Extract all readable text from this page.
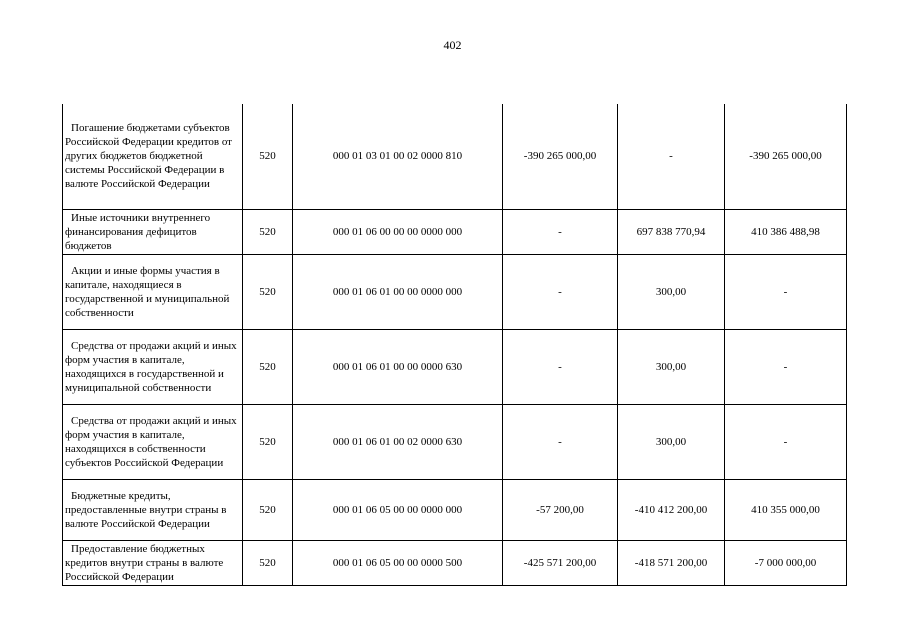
402
Погашение бюджетами субъектов Российской Федерации кредитов от других бюджетов бюджетной системы Российской Федерации в валюте Российской Федерации	520	000 01 03 01 00 02 0000 810	-390 265 000,00	-	-390 265 000,00
Иные источники внутреннего финансирования дефицитов бюджетов	520	000 01 06 00 00 00 0000 000	-	697 838 770,94	410 386 488,98
Акции и иные формы участия в капитале, находящиеся в государственной и муниципальной собственности	520	000 01 06 01 00 00 0000 000	-	300,00	-
Средства от продажи акций и иных форм участия в капитале, находящихся в государственной и муниципальной собственности	520	000 01 06 01 00 00 0000 630	-	300,00	-
Средства от продажи акций и иных форм участия в капитале, находящихся в собственности субъектов Российской Федерации	520	000 01 06 01 00 02 0000 630	-	300,00	-
Бюджетные кредиты, предоставленные внутри страны в валюте Российской Федерации	520	000 01 06 05 00 00 0000 000	-57 200,00	-410 412 200,00	410 355 000,00
Предоставление бюджетных кредитов внутри страны в валюте Российской Федерации	520	000 01 06 05 00 00 0000 500	-425 571 200,00	-418 571 200,00	-7 000 000,00
